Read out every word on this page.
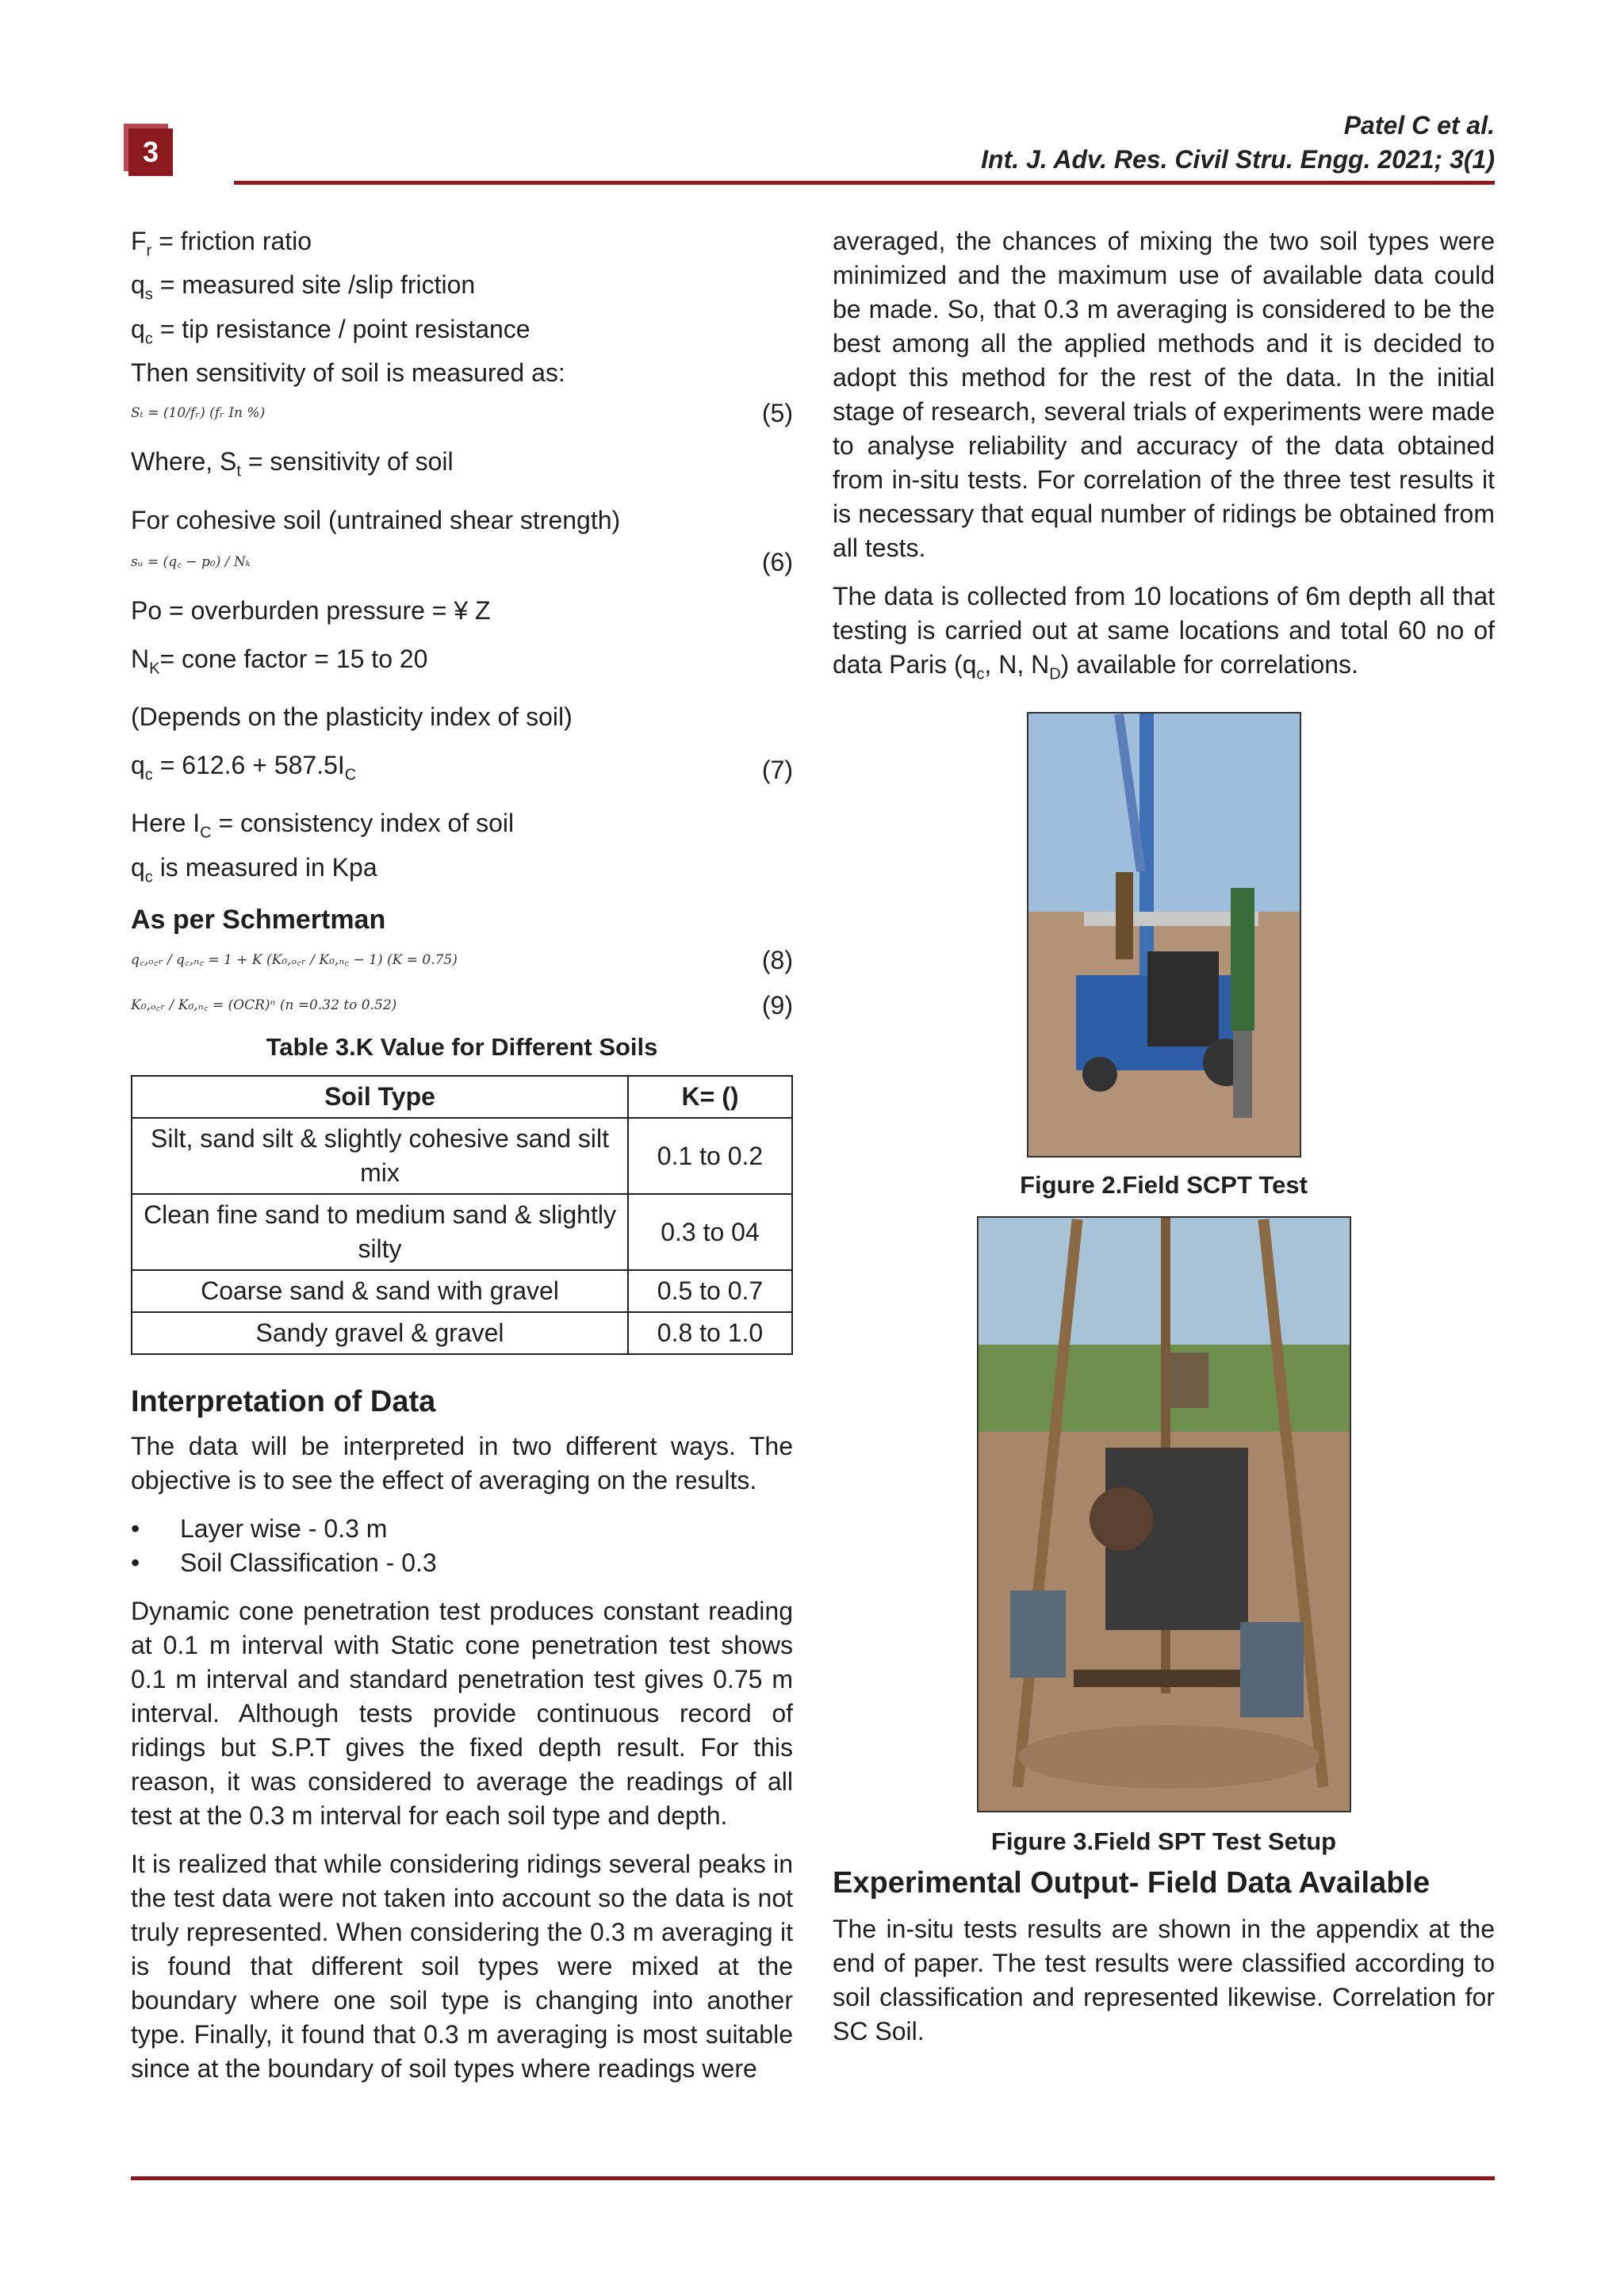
3
Patel C et al.
Int. J. Adv. Res. Civil Stru. Engg. 2021; 3(1)

$F_r$ = friction ratio

$q_s$ = measured site /slip friction

$q_c$ = tip resistance / point resistance

Then sensitivity of soil is measured as:

Sₜ = (10/fᵣ) (fᵣ In %)	(5)

Where, $S_t$ = sensitivity of soil

For cohesive soil (untrained shear strength)

sᵤ = (q꜀ − p₀) / Nₖ	(6)

Po = overburden pressure = ¥ Z

$N_K=$ cone factor = 15 to 20

(Depends on the plasticity index of soil)

$q_c = 612.6 + 587.5I_C$	(7)

Here $I_C$ = consistency index of soil

$q_c$ is measured in Kpa

As per Schmertman
q꜀,ₒ꜀ᵣ / q꜀,ₙ꜀ = 1 + K (K₀,ₒ꜀ᵣ / K₀,ₙ꜀ − 1) (K = 0.75)	(8)
K₀,ₒ꜀ᵣ / K₀,ₙ꜀ = (OCR)ⁿ (n =0.32 to 0.52)	(9)

Table 3.K Value for Different Soils

Soil Type	K= ()
Silt, sand silt & slightly cohesive sand silt mix	0.1 to 0.2
Clean fine sand to medium sand & slightly silty	0.3 to 04
Coarse sand & sand with gravel	0.5 to 0.7
Sandy gravel & gravel	0.8 to 1.0
Interpretation of Data

The data will be interpreted in two different ways. The objective is to see the effect of averaging on the results.

•	Layer wise - 0.3 m
•	Soil Classification - 0.3

Dynamic cone penetration test produces constant reading at 0.1 m interval with Static cone penetration test shows 0.1 m interval and standard penetration test gives 0.75 m interval. Although tests provide continuous record of ridings but S.P.T gives the fixed depth result. For this reason, it was considered to average the readings of all test at the 0.3 m interval for each soil type and depth.

It is realized that while considering ridings several peaks in the test data were not taken into account so the data is not truly represented. When considering the 0.3 m averaging it is found that different soil types were mixed at the boundary where one soil type is changing into another type. Finally, it found that 0.3 m averaging is most suitable since at the boundary of soil types where readings were

averaged, the chances of mixing the two soil types were minimized and the maximum use of available data could be made. So, that 0.3 m averaging is considered to be the best among all the applied methods and it is decided to adopt this method for the rest of the data. In the initial stage of research, several trials of experiments were made to analyse reliability and accuracy of the data obtained from in-situ tests. For correlation of the three test results it is necessary that equal number of ridings be obtained from all tests.

The data is collected from 10 locations of 6m depth all that testing is carried out at same locations and total 60 no of data Paris ($q_c$, N, $N_D$) available for correlations.

Figure 2.Field SCPT Test
Figure 3.Field SPT Test Setup
Experimental Output- Field Data Available

The in-situ tests results are shown in the appendix at the end of paper. The test results were classified according to soil classification and represented likewise. Correlation for SC Soil.
